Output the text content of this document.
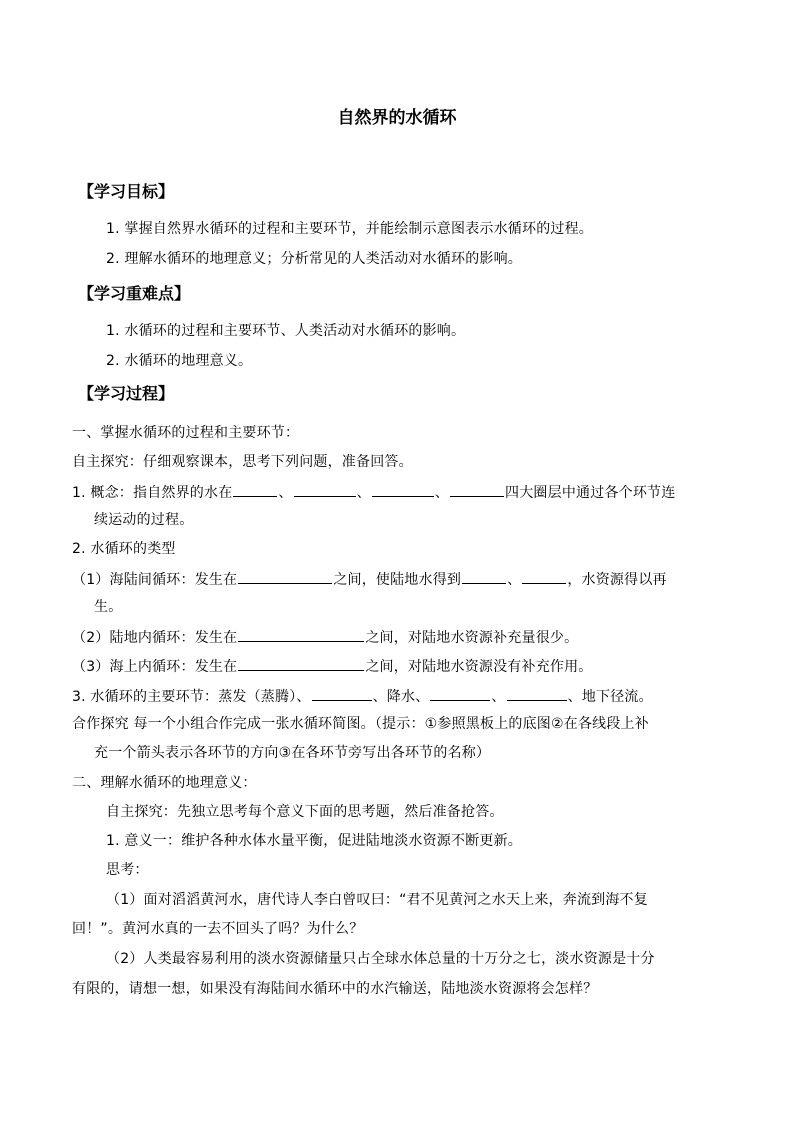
自然界的水循环
【学习目标】
1. 掌握自然界水循环的过程和主要环节，并能绘制示意图表示水循环的过程。
2. 理解水循环的地理意义；分析常见的人类活动对水循环的影响。
【学习重难点】
1. 水循环的过程和主要环节、人类活动对水循环的影响。
2. 水循环的地理意义。
【学习过程】
一、掌握水循环的过程和主要环节：
自主探究：仔细观察课本，思考下列问题，准备回答。
1. 概念：指自然界的水在	、	、	、	四大圈层中通过各个环节连
续运动的过程。
2. 水循环的类型
（1）海陆间循环：发生在	之间，使陆地水得到	、	，水资源得以再
生。
（2）陆地内循环：发生在	之间，对陆地水资源补充量很少。
（3）海上内循环：发生在	之间，对陆地水资源没有补充作用。
3. 水循环的主要环节：蒸发（蒸腾）、	、降水、	、	、地下径流。
合作探究 每一个小组合作完成一张水循环简图。（提示：①参照黑板上的底图②在各线段上补
充一个箭头表示各环节的方向③在各环节旁写出各环节的名称）
二、理解水循环的地理意义：
自主探究：先独立思考每个意义下面的思考题，然后准备抢答。
1. 意义一：维护各种水体水量平衡，促进陆地淡水资源不断更新。
思考：
（1）面对滔滔黄河水，唐代诗人李白曾叹曰：“君不见黄河之水天上来，奔流到海不复
回！”。黄河水真的一去不回头了吗？为什么？
（2）人类最容易利用的淡水资源储量只占全球水体总量的十万分之七，淡水资源是十分
有限的，请想一想，如果没有海陆间水循环中的水汽输送，陆地淡水资源将会怎样？
